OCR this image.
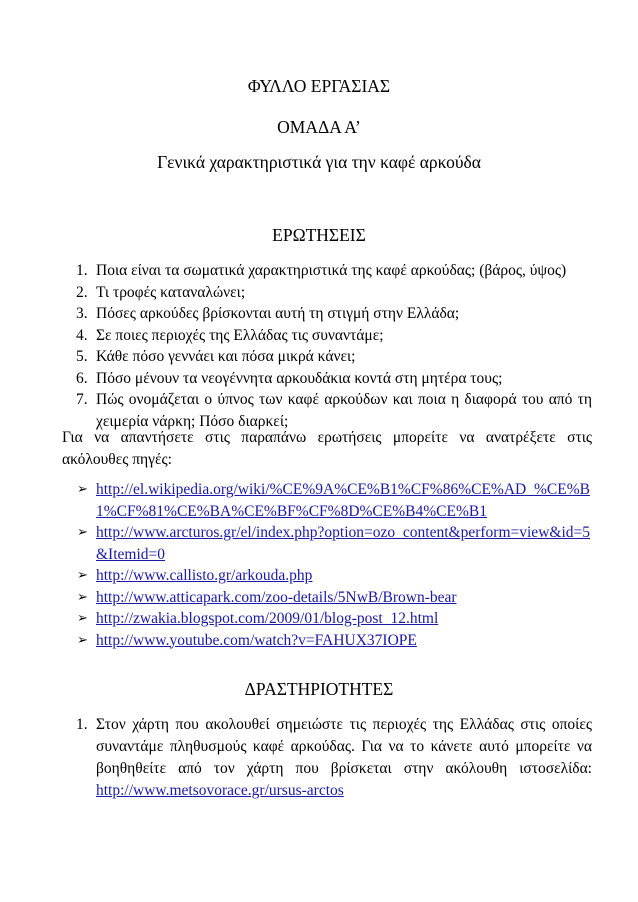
ΦΥΛΛΟ ΕΡΓΑΣΙΑΣ
ΟΜΑΔΑ Α’
Γενικά χαρακτηριστικά για την καφέ αρκούδα
ΕΡΩΤΗΣΕΙΣ
1. Ποια είναι τα σωματικά χαρακτηριστικά της καφέ αρκούδας; (βάρος, ύψος)
2. Τι τροφές καταναλώνει;
3. Πόσες αρκούδες βρίσκονται αυτή τη στιγμή στην Ελλάδα;
4. Σε ποιες περιοχές της Ελλάδας τις συναντάμε;
5. Κάθε πόσο γεννάει και πόσα μικρά κάνει;
6. Πόσο μένουν τα νεογέννητα αρκουδάκια κοντά στη μητέρα τους;
7. Πώς ονομάζεται ο ύπνος των καφέ αρκούδων και ποια η διαφορά του από τη χειμερία νάρκη; Πόσο διαρκεί;
Για να απαντήσετε στις παραπάνω ερωτήσεις μπορείτε να ανατρέξετε στις ακόλουθες πηγές:
➢ http://el.wikipedia.org/wiki/%CE%9A%CE%B1%CF%86%CE%AD_%CE%B1%CF%81%CE%BA%CE%BF%CF%8D%CE%B4%CE%B1
➢ http://www.arcturos.gr/el/index.php?option=ozo_content&perform=view&id=5&Itemid=0
➢ http://www.callisto.gr/arkouda.php
➢ http://www.atticapark.com/zoo-details/5NwB/Brown-bear
➢ http://zwakia.blogspot.com/2009/01/blog-post_12.html
➢ http://www.youtube.com/watch?v=FAHUX37IOPE
ΔΡΑΣΤΗΡΙΟΤΗΤΕΣ
1. Στον χάρτη που ακολουθεί σημειώστε τις περιοχές της Ελλάδας στις οποίες συναντάμε πληθυσμούς καφέ αρκούδας. Για να το κάνετε αυτό μπορείτε να βοηθηθείτε από τον χάρτη που βρίσκεται στην ακόλουθη ιστοσελίδα: http://www.metsovorace.gr/ursus-arctos
